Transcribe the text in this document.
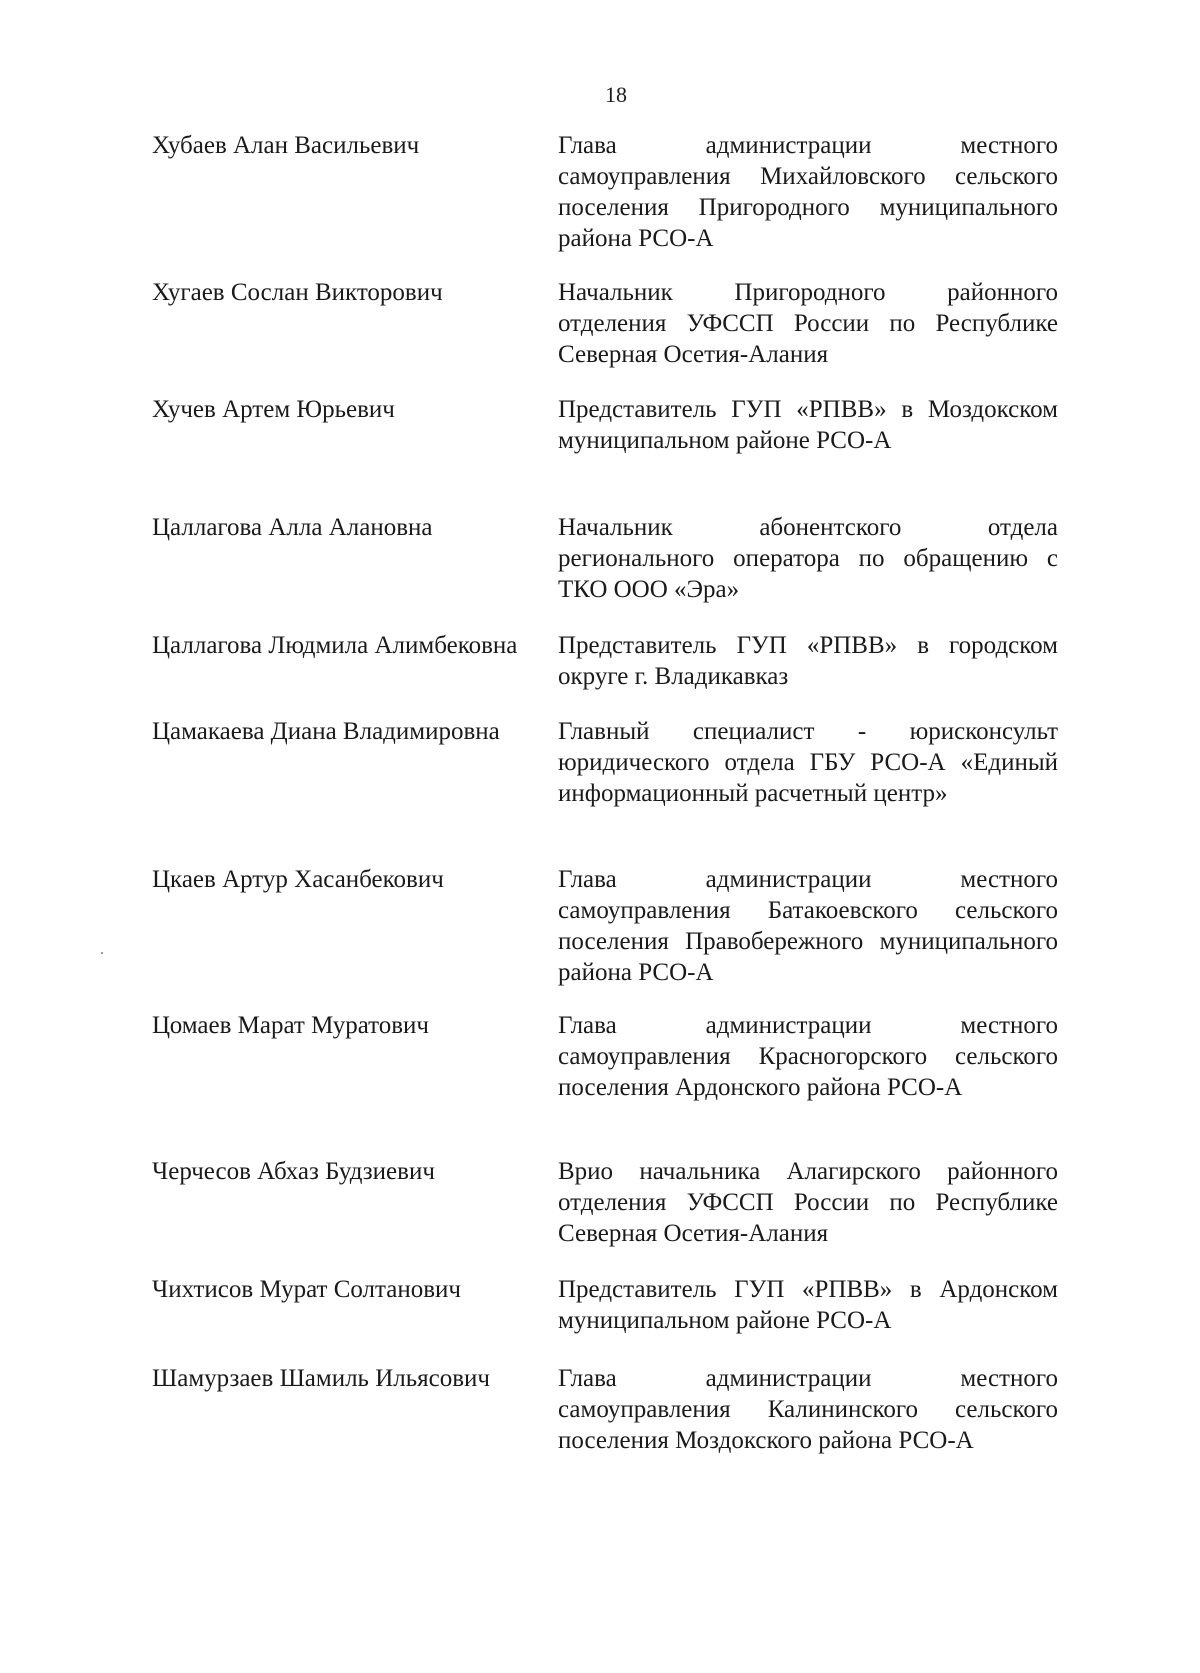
18
Хубаев Алан Васильевич	Глава администрации местного самоуправления Михайловского сельского поселения Пригородного муниципального района РСО-А
Хугаев Сослан Викторович	Начальник Пригородного районного отделения УФССП России по Республике Северная Осетия-Алания
Хучев Артем Юрьевич	Представитель ГУП «РПВВ» в Моздокском муниципальном районе РСО-А
Цаллагова Алла Алановна	Начальник абонентского отдела регионального оператора по обращению с ТКО ООО «Эра»
Цаллагова Людмила Алимбековна	Представитель ГУП «РПВВ» в городском округе г. Владикавказ
Цамакаева Диана Владимировна	Главный специалист - юрисконсульт юридического отдела ГБУ РСО-А «Единый информационный расчетный центр»
Цкаев Артур Хасанбекович	Глава администрации местного самоуправления Батакоевского сельского поселения Правобережного муниципального района РСО-А
Цомаев Марат Муратович	Глава администрации местного самоуправления Красногорского сельского поселения Ардонского района РСО-А
Черчесов Абхаз Будзиевич	Врио начальника Алагирского районного отделения УФССП России по Республике Северная Осетия-Алания
Чихтисов Мурат Солтанович	Представитель ГУП «РПВВ» в Ардонском муниципальном районе РСО-А
Шамурзаев Шамиль Ильясович	Глава администрации местного самоуправления Калининского сельского поселения Моздокского района РСО-А
